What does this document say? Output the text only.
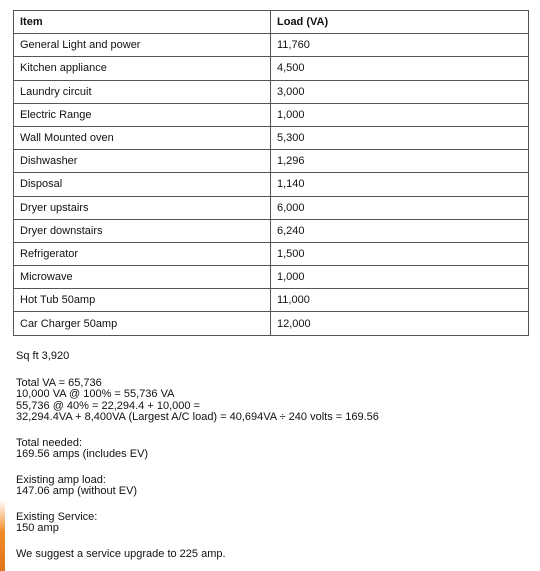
Item	Load (VA)
General Light and power	11,760
Kitchen appliance	4,500
Laundry circuit	3,000
Electric Range	1,000
Wall Mounted oven	5,300
Dishwasher	1,296
Disposal	1,140
Dryer upstairs	6,000
Dryer downstairs	6,240
Refrigerator	1,500
Microwave	1,000
Hot Tub 50amp	11,000
Car Charger 50amp	12,000

Sq ft 3,920

Total VA = 65,736

10,000 VA @ 100% = 55,736 VA

55,736 @ 40% = 22,294.4 + 10,000 =

32,294.4VA + 8,400VA (Largest A/C load) = 40,694VA ÷ 240 volts = 169.56

Total needed:

169.56 amps (includes EV)

Existing amp load:

147.06 amp (without EV)

Existing Service:

150 amp

We suggest a service upgrade to 225 amp.
